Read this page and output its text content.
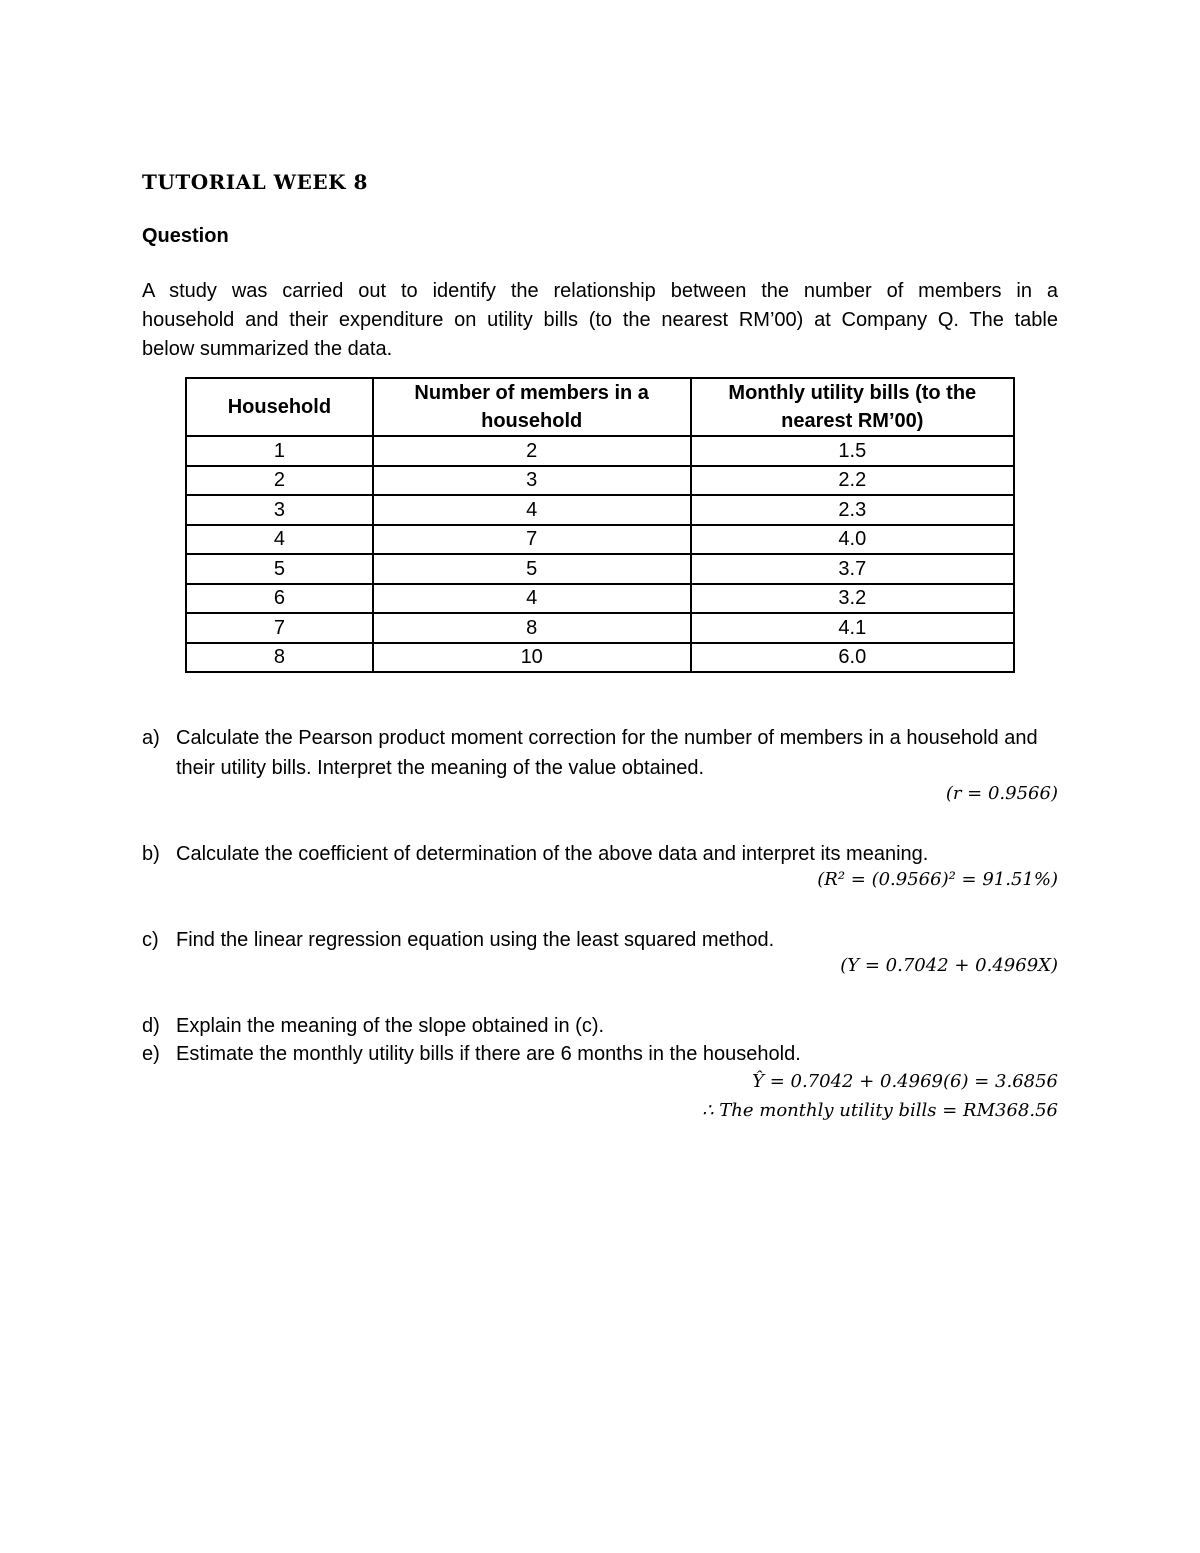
TUTORIAL WEEK 8
Question
A study was carried out to identify the relationship between the number of members in a
household and their expenditure on utility bills (to the nearest RM’00) at Company Q. The table
below summarized the data.
Household	Number of members in a household	Monthly utility bills (to the nearest RM’00)
1	2	1.5
2	3	2.2
3	4	2.3
4	7	4.0
5	5	3.7
6	4	3.2
7	8	4.1
8	10	6.0
a) Calculate the Pearson product moment correction for the number of members in a household and their utility bills. Interpret the meaning of the value obtained.
(r = 0.9566)
b) Calculate the coefficient of determination of the above data and interpret its meaning.
(R² = (0.9566)² = 91.51%)
c) Find the linear regression equation using the least squared method.
(Y = 0.7042 + 0.4969X)
d) Explain the meaning of the slope obtained in (c).
e) Estimate the monthly utility bills if there are 6 months in the household.
Ŷ = 0.7042 + 0.4969(6) = 3.6856
∴ The monthly utility bills = RM368.56
